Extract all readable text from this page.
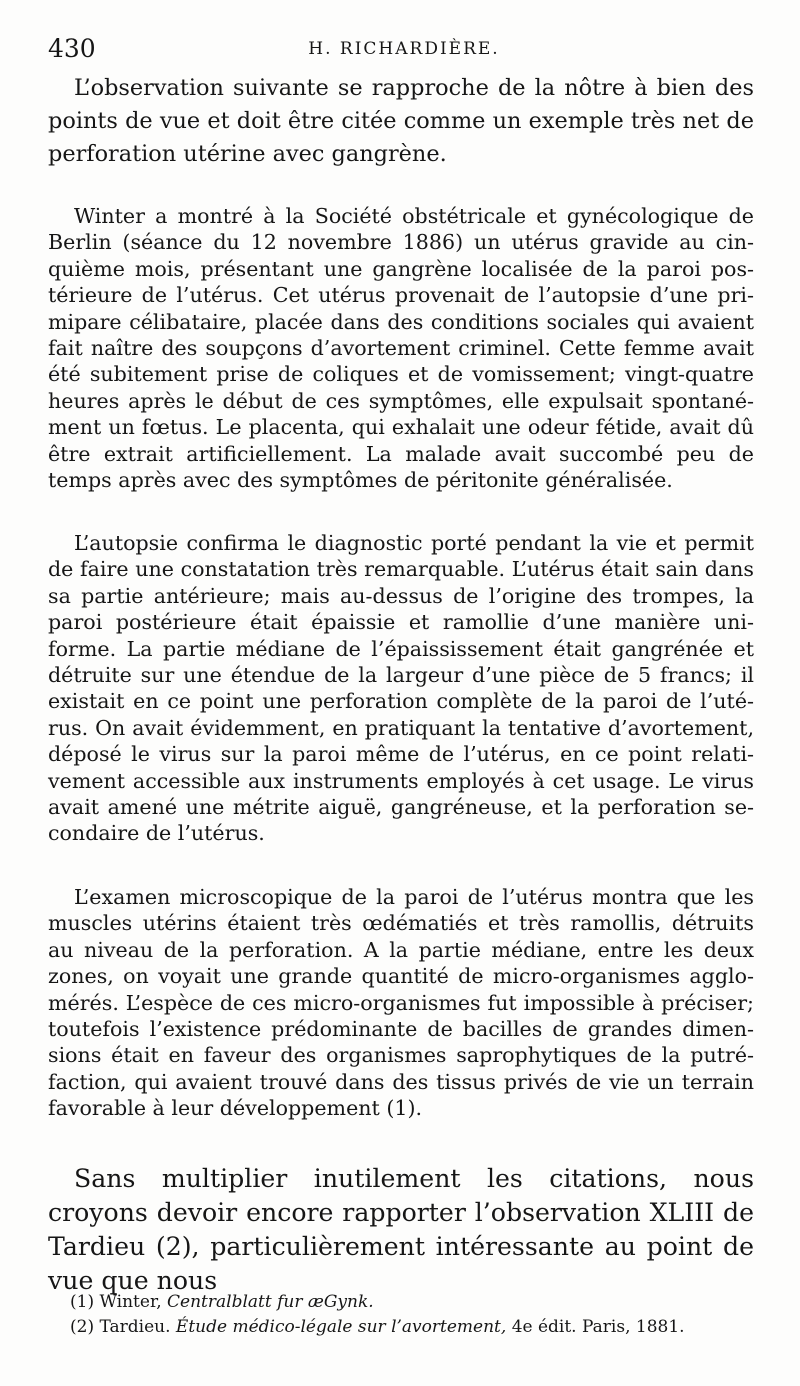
430	H. RICHARDIÈRE.

L’observation suivante se rapproche de la nôtre à bien des points de vue et doit être citée comme un exemple très net de perforation utérine avec gangrène.

Winter a montré à la Société obstétricale et gynécologique de Berlin (séance du 12 novembre 1886) un utérus gravide au cinquième mois, présentant une gangrène localisée de la paroi postérieure de l’utérus. Cet utérus provenait de l’autopsie d’une primipare célibataire, placée dans des conditions sociales qui avaient fait naître des soupçons d’avortement criminel. Cette femme avait été subitement prise de coliques et de vomissement; vingt-quatre heures après le début de ces symptômes, elle expulsait spontanément un fœtus. Le placenta, qui exhalait une odeur fétide, avait dû être extrait artificiellement. La malade avait succombé peu de temps après avec des symptômes de péritonite généralisée.

L’autopsie confirma le diagnostic porté pendant la vie et permit de faire une constatation très remarquable. L’utérus était sain dans sa partie antérieure; mais au-dessus de l’origine des trompes, la paroi postérieure était épaissie et ramollie d’une manière uniforme. La partie médiane de l’épaississement était gangrénée et détruite sur une étendue de la largeur d’une pièce de 5 francs; il existait en ce point une perforation complète de la paroi de l’utérus. On avait évidemment, en pratiquant la tentative d’avortement, déposé le virus sur la paroi même de l’utérus, en ce point relativement accessible aux instruments employés à cet usage. Le virus avait amené une métrite aiguë, gangréneuse, et la perforation secondaire de l’utérus.

L’examen microscopique de la paroi de l’utérus montra que les muscles utérins étaient très œdématiés et très ramollis, détruits au niveau de la perforation. A la partie médiane, entre les deux zones, on voyait une grande quantité de micro-organismes agglomérés. L’espèce de ces micro-organismes fut impossible à préciser; toutefois l’existence prédominante de bacilles de grandes dimensions était en faveur des organismes saprophytiques de la putréfaction, qui avaient trouvé dans des tissus privés de vie un terrain favorable à leur développement (1).

Sans multiplier inutilement les citations, nous croyons devoir encore rapporter l’observation XLIII de Tardieu (2), particulièrement intéressante au point de vue que nous

(1) Winter, Centralblatt fur ӕGynk.

(2) Tardieu. Étude médico-légale sur l’avortement, 4e édit. Paris, 1881.
